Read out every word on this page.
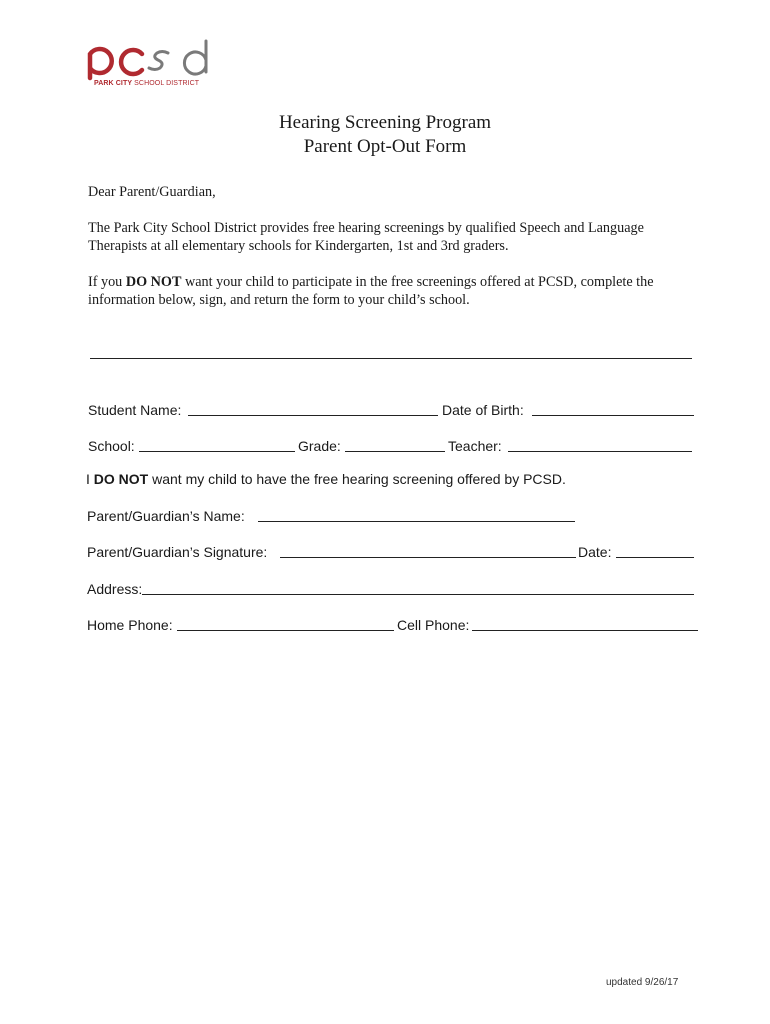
PARK CITY SCHOOL DISTRICT
Hearing Screening Program
Parent Opt-Out Form
Dear Parent/Guardian,
The Park City School District provides free hearing screenings by qualified Speech and Language
Therapists at all elementary schools for Kindergarten, 1st and 3rd graders.
If you DO NOT want your child to participate in the free screenings offered at PCSD, complete the
information below, sign, and return the form to your child’s school.
Student Name:	Date of Birth:
School:	Grade:	Teacher:
I DO NOT want my child to have the free hearing screening offered by PCSD.
Parent/Guardian’s Name:
Parent/Guardian’s Signature:	Date:
Address:
Home Phone:	Cell Phone:
updated 9/26/17
